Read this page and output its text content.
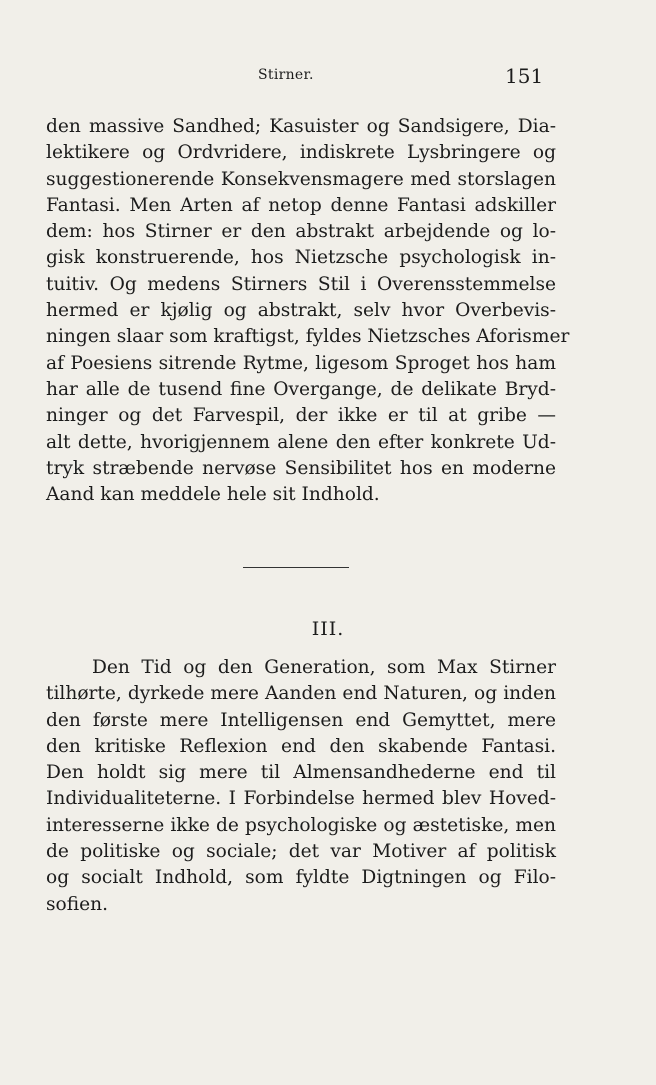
Stirner.	151
den massive Sandhed; Kasuister og Sandsigere, Dia-
lektikere og Ordvridere, indiskrete Lysbringere og
suggestionerende Konsekvensmagere med storslagen
Fantasi. Men Arten af netop denne Fantasi adskiller
dem: hos Stirner er den abstrakt arbejdende og lo-
gisk konstruerende, hos Nietzsche psychologisk in-
tuitiv. Og medens Stirners Stil i Overensstemmelse
hermed er kjølig og abstrakt, selv hvor Overbevis-
ningen slaar som kraftigst, fyldes Nietzsches Aforismer
af Poesiens sitrende Rytme, ligesom Sproget hos ham
har alle de tusend fine Overgange, de delikate Bryd-
ninger og det Farvespil, der ikke er til at gribe —
alt dette, hvorigjennem alene den efter konkrete Ud-
tryk stræbende nervøse Sensibilitet hos en moderne
Aand kan meddele hele sit Indhold.
III.
Den Tid og den Generation, som Max Stirner
tilhørte, dyrkede mere Aanden end Naturen, og inden
den første mere Intelligensen end Gemyttet, mere
den kritiske Reflexion end den skabende Fantasi.
Den holdt sig mere til Almensandhederne end til
Individualiteterne. I Forbindelse hermed blev Hoved-
interesserne ikke de psychologiske og æstetiske, men
de politiske og sociale; det var Motiver af politisk
og socialt Indhold, som fyldte Digtningen og Filo-
sofien.
